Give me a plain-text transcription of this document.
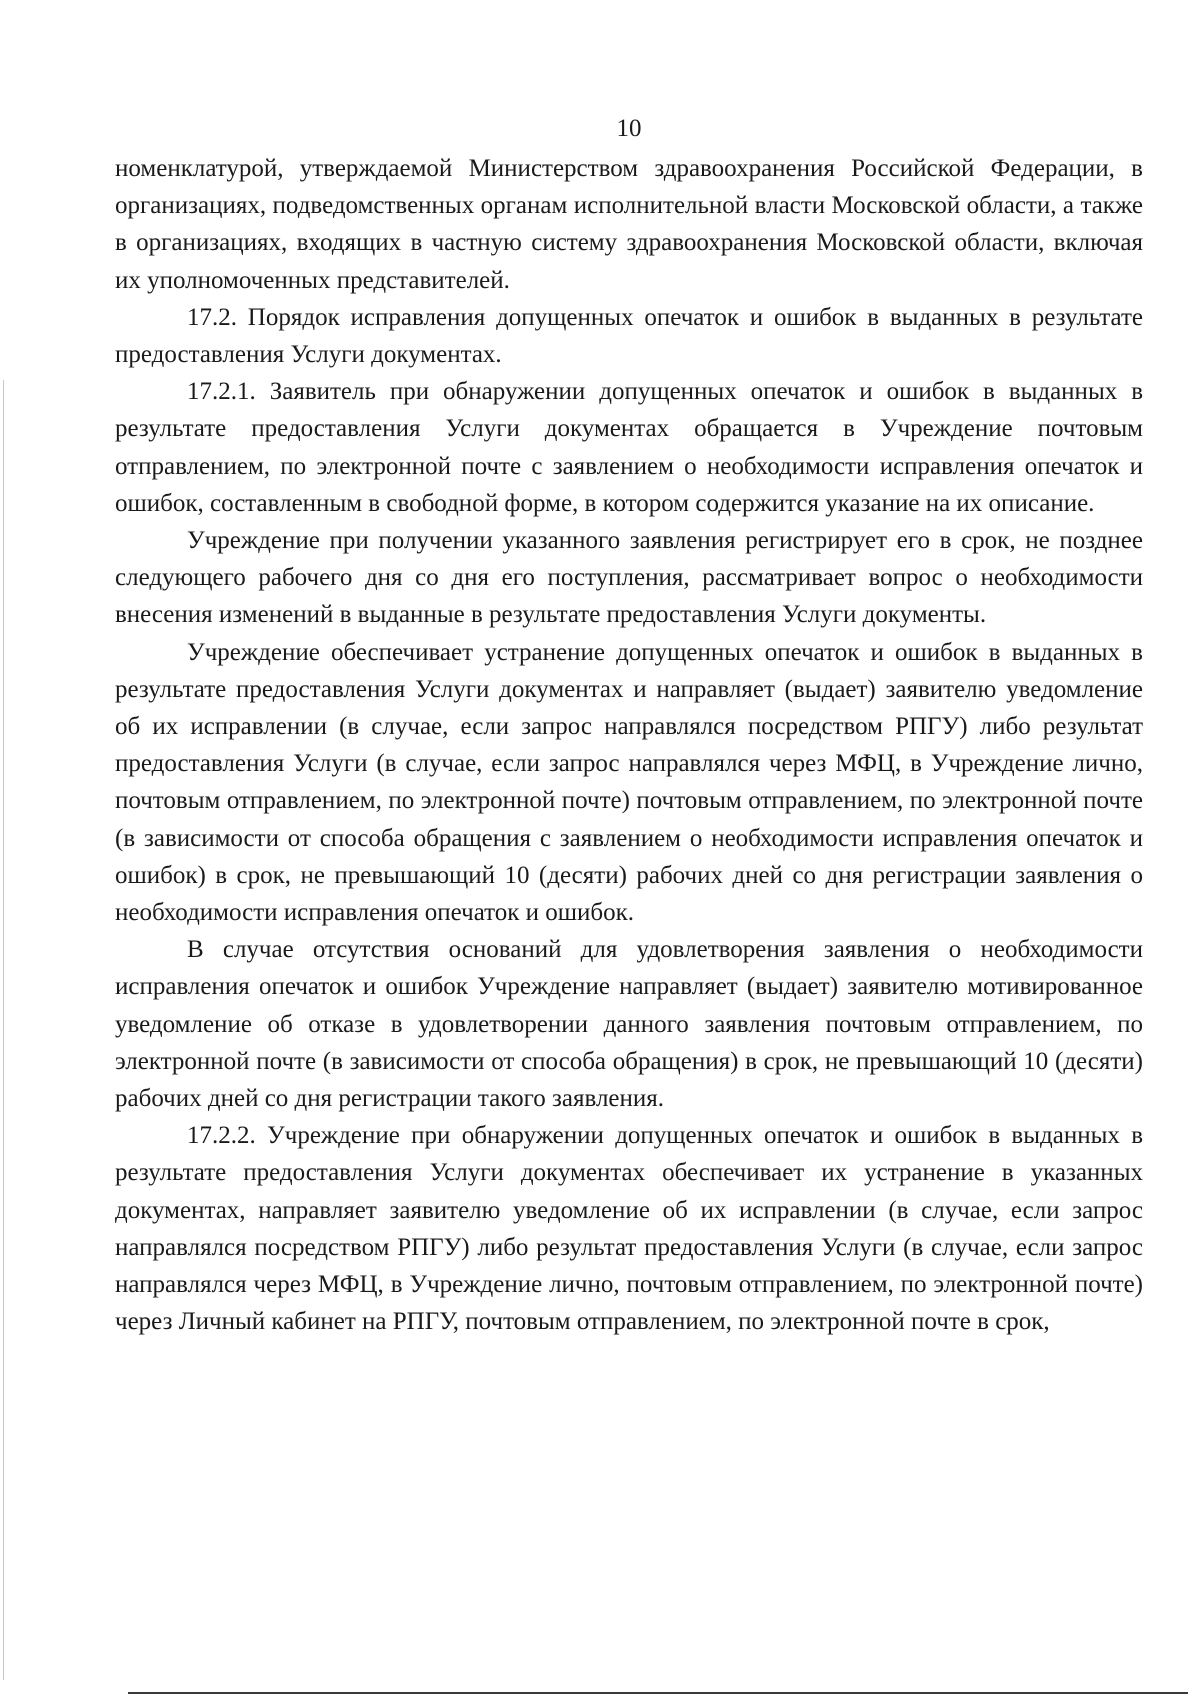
10

номенклатурой, утверждаемой Министерством здравоохранения Российской Федерации, в организациях, подведомственных органам исполнительной власти Московской области, а также в организациях, входящих в частную систему здравоохранения Московской области, включая их уполномоченных представителей.

17.2. Порядок исправления допущенных опечаток и ошибок в выданных в результате предоставления Услуги документах.

17.2.1. Заявитель при обнаружении допущенных опечаток и ошибок в выданных в результате предоставления Услуги документах обращается в Учреждение почтовым отправлением, по электронной почте с заявлением о необходимости исправления опечаток и ошибок, составленным в свободной форме, в котором содержится указание на их описание.

Учреждение при получении указанного заявления регистрирует его в срок, не позднее следующего рабочего дня со дня его поступления, рассматривает вопрос о необходимости внесения изменений в выданные в результате предоставления Услуги документы.

Учреждение обеспечивает устранение допущенных опечаток и ошибок в выданных в результате предоставления Услуги документах и направляет (выдает) заявителю уведомление об их исправлении (в случае, если запрос направлялся посредством РПГУ) либо результат предоставления Услуги (в случае, если запрос направлялся через МФЦ, в Учреждение лично, почтовым отправлением, по электронной почте) почтовым отправлением, по электронной почте (в зависимости от способа обращения с заявлением о необходимости исправления опечаток и ошибок) в срок, не превышающий 10 (десяти) рабочих дней со дня регистрации заявления о необходимости исправления опечаток и ошибок.

В случае отсутствия оснований для удовлетворения заявления о необходимости исправления опечаток и ошибок Учреждение направляет (выдает) заявителю мотивированное уведомление об отказе в удовлетворении данного заявления почтовым отправлением, по электронной почте (в зависимости от способа обращения) в срок, не превышающий 10 (десяти) рабочих дней со дня регистрации такого заявления.

17.2.2. Учреждение при обнаружении допущенных опечаток и ошибок в выданных в результате предоставления Услуги документах обеспечивает их устранение в указанных документах, направляет заявителю уведомление об их исправлении (в случае, если запрос направлялся посредством РПГУ) либо результат предоставления Услуги (в случае, если запрос направлялся через МФЦ, в Учреждение лично, почтовым отправлением, по электронной почте) через Личный кабинет на РПГУ, почтовым отправлением, по электронной почте в срок,
